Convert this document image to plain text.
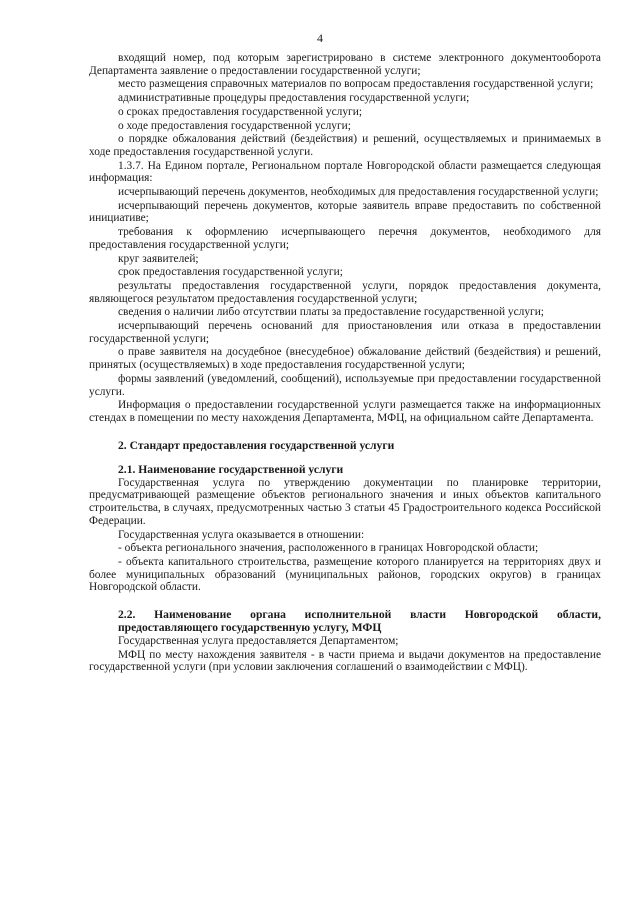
4

входящий номер, под которым зарегистрировано в системе электронного документооборота Департамента заявление о предоставлении государственной услуги;

место размещения справочных материалов по вопросам предоставления государственной услуги;

административные процедуры предоставления государственной услуги;

о сроках предоставления государственной услуги;

о ходе предоставления государственной услуги;

о порядке обжалования действий (бездействия) и решений, осуществляемых и принимаемых в ходе предоставления государственной услуги.

1.3.7. На Едином портале, Региональном портале Новгородской области размещается следующая информация:

исчерпывающий перечень документов, необходимых для предоставления государственной услуги;

исчерпывающий перечень документов, которые заявитель вправе предоставить по собственной инициативе;

требования к оформлению исчерпывающего перечня документов, необходимого для предоставления государственной услуги;

круг заявителей;

срок предоставления государственной услуги;

результаты предоставления государственной услуги, порядок предоставления документа, являющегося результатом предоставления государственной услуги;

сведения о наличии либо отсутствии платы за предоставление государственной услуги;

исчерпывающий перечень оснований для приостановления или отказа в предоставлении государственной услуги;

о праве заявителя на досудебное (внесудебное) обжалование действий (бездействия) и решений, принятых (осуществляемых) в ходе предоставления государственной услуги;

формы заявлений (уведомлений, сообщений), используемые при предоставлении государственной услуги.

Информация о предоставлении государственной услуги размещается также на информационных стендах в помещении по месту нахождения Департамента, МФЦ, на официальном сайте Департамента.

2. Стандарт предоставления государственной услуги

2.1. Наименование государственной услуги

Государственная услуга по утверждению документации по планировке территории, предусматривающей размещение объектов регионального значения и иных объектов капитального строительства, в случаях, предусмотренных частью 3 статьи 45 Градостроительного кодекса Российской Федерации.

Государственная услуга оказывается в отношении:

- объекта регионального значения, расположенного в границах Новгородской области;

- объекта капитального строительства, размещение которого планируется на территориях двух и более муниципальных образований (муниципальных районов, городских округов) в границах Новгородской области.

2.2. Наименование органа исполнительной власти Новгородской области, предоставляющего государственную услугу, МФЦ

Государственная услуга предоставляется Департаментом;

МФЦ по месту нахождения заявителя - в части приема и выдачи документов на предоставление государственной услуги (при условии заключения соглашений о взаимодействии с МФЦ).
